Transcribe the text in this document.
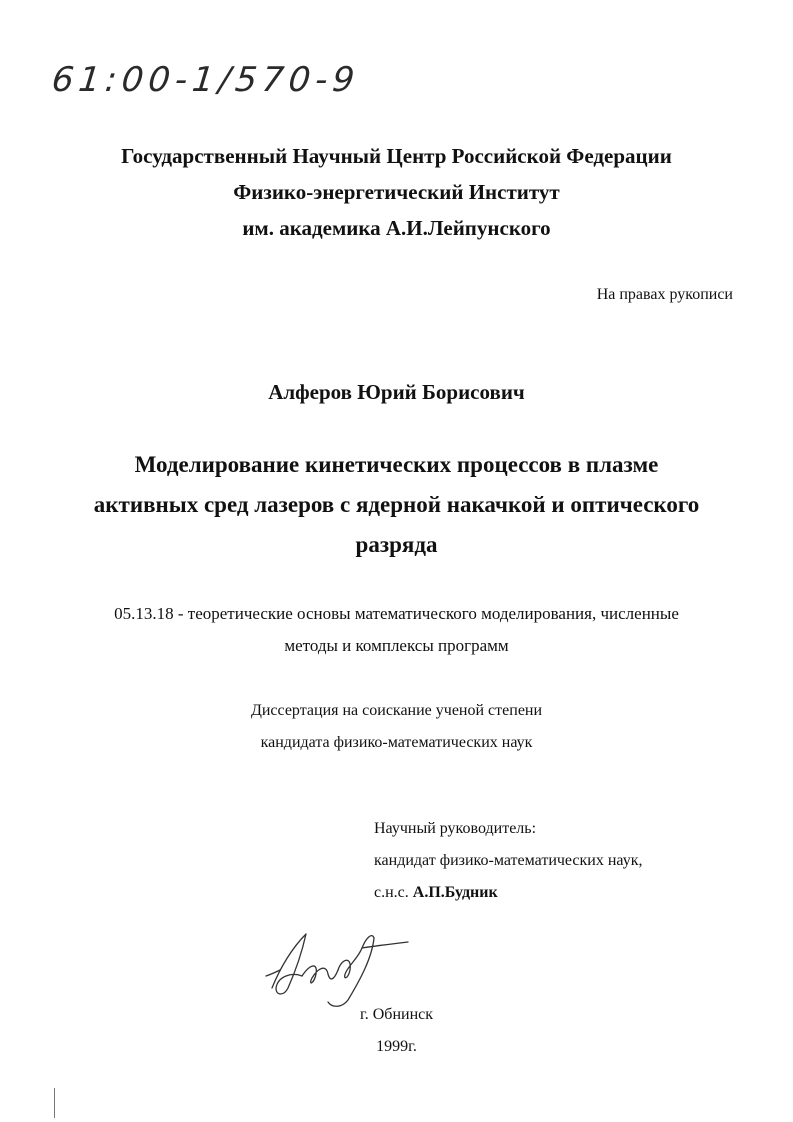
61:00-1/570-9
Государственный Научный Центр Российской Федерации
Физико-энергетический Институт
им. академика А.И.Лейпунского
На правах рукописи
Алферов Юрий Борисович
Моделирование кинетических процессов в плазме
активных сред лазеров с ядерной накачкой и оптического
разряда
05.13.18 - теоретические основы математического моделирования, численные
методы и комплексы программ
Диссертация на соискание ученой степени
кандидата физико-математических наук
Научный руководитель:
кандидат физико-математических наук,
с.н.с. А.П.Будник
г. Обнинск
1999г.
